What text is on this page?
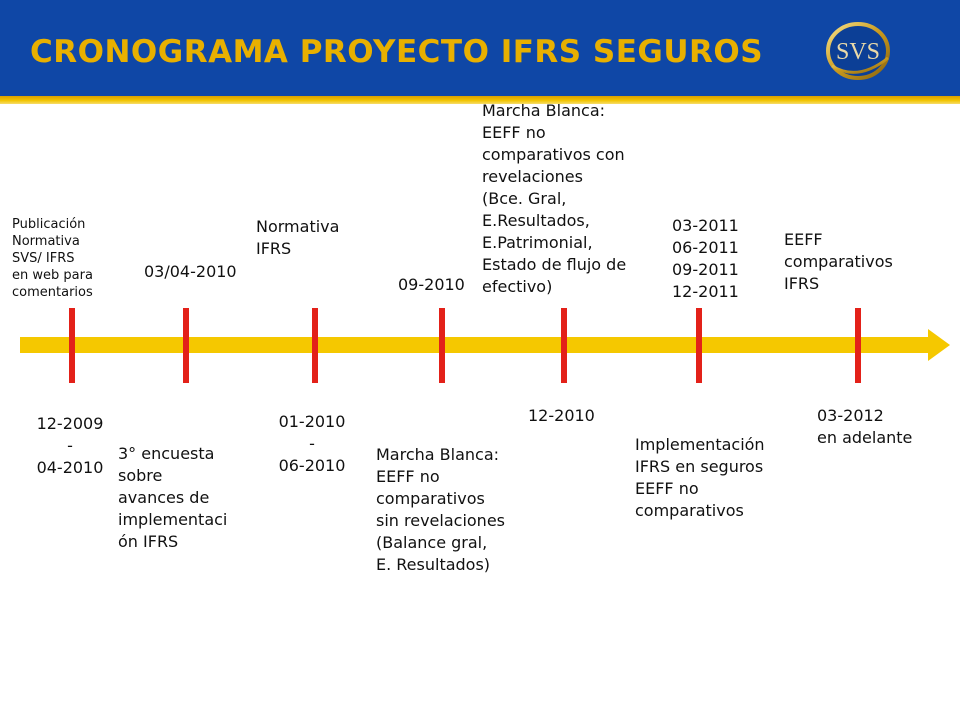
CRONOGRAMA PROYECTO IFRS SEGUROS	SVS
Publicación
Normativa
SVS/ IFRS
en web para
comentarios
03/04-2010
Normativa
IFRS
09-2010
Marcha Blanca:
EEFF no
comparativos con
revelaciones
(Bce. Gral,
E.Resultados,
E.Patrimonial,
Estado de flujo de
efectivo)
03-2011
06-2011
09-2011
12-2011
EEFF
comparativos
IFRS
12-2009
-
04-2010
3° encuesta
sobre
avances de
implementaci
ón IFRS
01-2010
-
06-2010
Marcha Blanca:
EEFF no
comparativos
sin revelaciones
(Balance gral,
E. Resultados)
12-2010
Implementación
IFRS en seguros
EEFF no
comparativos
03-2012
en adelante
